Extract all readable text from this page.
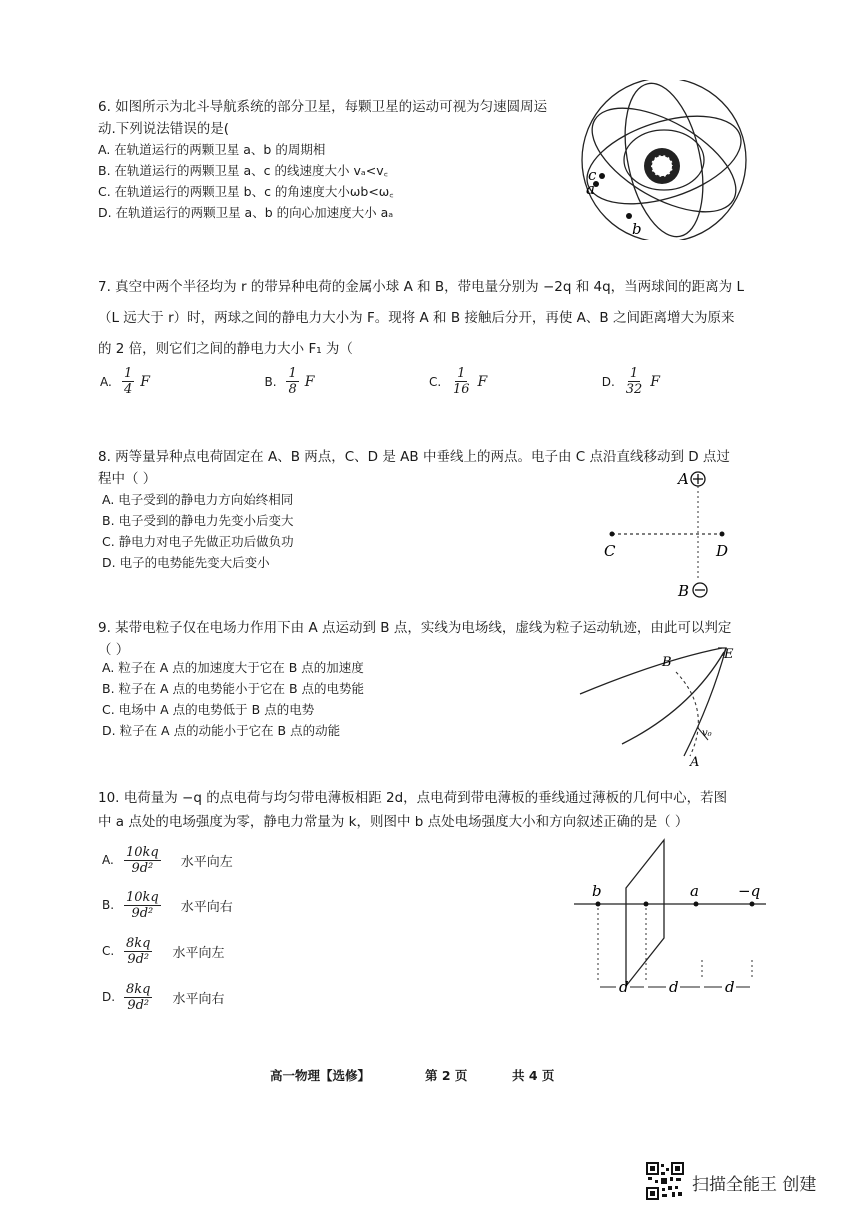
6. 如图所示为北斗导航系统的部分卫星，每颗卫星的运动可视为匀速圆周运
动.下列说法错误的是(
A. 在轨道运行的两颗卫星 a、b 的周期相
B. 在轨道运行的两颗卫星 a、c 的线速度大小 vₐ<v꜀
C. 在轨道运行的两颗卫星 b、c 的角速度大小ωb<ω꜀
D. 在轨道运行的两颗卫星 a、b 的向心加速度大小 aₐ
c
a
b
7. 真空中两个半径均为 r 的带异种电荷的金属小球 A 和 B，带电量分别为 −2q 和 4q，当两球间的距离为 L
（L 远大于 r）时，两球之间的静电力大小为 F。现将 A 和 B 接触后分开，再使 A、B 之间距离增大为原来
的 2 倍，则它们之间的静电力大小 F₁ 为（
A. $\frac{1}{4}$ F	B. $\frac{1}{8}$ F	C. $\frac{1}{16}$ F	D. $\frac{1}{32}$ F
8. 两等量异种点电荷固定在 A、B 两点，C、D 是 AB 中垂线上的两点。电子由 C 点沿直线移动到 D 点过
程中（ ）
A. 电子受到的静电力方向始终相同
B. 电子受到的静电力先变小后变大
C. 静电力对电子先做正功后做负功
D. 电子的电势能先变大后变小
A
B
C	D
9. 某带电粒子仅在电场力作用下由 A 点运动到 B 点，实线为电场线，虚线为粒子运动轨迹，由此可以判定
（ ）
A. 粒子在 A 点的加速度大于它在 B 点的加速度
B. 粒子在 A 点的电势能小于它在 B 点的电势能
C. 电场中 A 点的电势低于 B 点的电势
D. 粒子在 A 点的动能小于它在 B 点的动能
B
E
v₀
A
10. 电荷量为 −q 的点电荷与均匀带电薄板相距 2d，点电荷到带电薄板的垂线通过薄板的几何中心，若图
中 a 点处的电场强度为零，静电力常量为 k，则图中 b 点处电场强度大小和方向叙述正确的是（ ）
A. $\frac{10kq}{\text{9d²}}$ 水平向左
B. $\frac{10kq}{\text{9d²}}$ 水平向右
C. $\frac{8kq}{\text{9d²}}$ 水平向左
D. $\frac{8kq}{\text{9d²}}$ 水平向右
b	a	−q
d	d	d
高一物理【选修】	第 2 页	共 4 页
扫描全能王 创建
